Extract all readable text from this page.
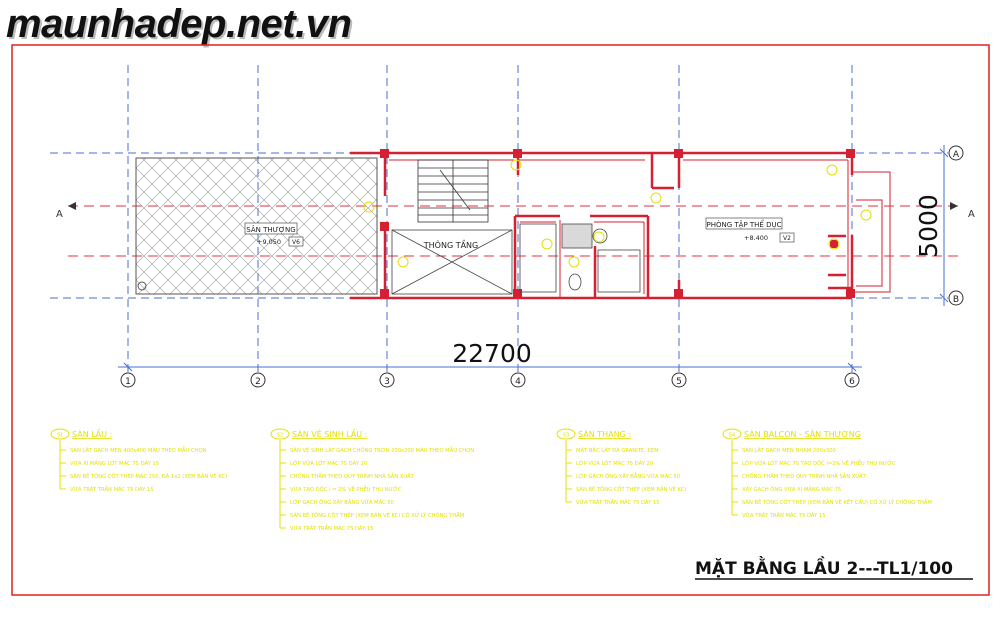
maunhadep.net.vn
SÂN THƯỢNG
+9.050 V6	THÔNG TẦNG
PHÒNG TẬP THỂ DỤC
+8.400 V2
A	A
22700
5000
1	2	3	4	5	6
A
B
S1 SÀN LẦU :
SÀN LÁT GẠCH MEN 400x400 MÀU THEO MẪU CHỌN
VỮA XI MĂNG LÓT MÁC 75 DÀY 15
SÀN BÊ TÔNG CỐT THÉP MÁC 250, ĐÁ 1x2 (XEM BẢN VẼ KC)
VỮA TRÁT TRẦN MÁC 75 DÀY 15
S2 SÀN VỆ SINH LẦU :
SÀN VỆ SINH LÁT GẠCH CHỐNG TRƠN 200x200 MÀU THEO MẪU CHỌN
LỚP VỮA LÓT MÁC 75 DÀY 20
CHỐNG THẤM THEO QUY TRÌNH NHÀ SẢN XUẤT
VỮA TẠO DỐC i = 2% VỀ PHỄU THU NƯỚC
LỚP GẠCH ỐNG XÂY BẰNG VỮA MÁC 50
SÀN BÊ TÔNG CỐT THÉP (XEM BẢN VẼ KC) CÓ XỬ LÝ CHỐNG THẤM
VỮA TRÁT TRẦN MÁC 75 DÀY 15
S3 SÀN THANG :
MẶT BẬC LÁT ĐÁ GRANITE, KEM
LỚP VỮA LÓT MÁC 75 DÀY 20
LỚP GẠCH ỐNG XÂY BẰNG VỮA MÁC 50
SÀN BÊ TÔNG CỐT THÉP (XEM BẢN VẼ KC)
VỮA TRÁT TRẦN MÁC 75 DÀY 15
S4 SÀN BALCON - SÂN THƯỢNG
SÀN LÁT GẠCH MEN NHÁM 200x300
LỚP VỮA LÓT MÁC 75 TẠO DỐC i=2% VỀ PHỄU THU NƯỚC
CHỐNG THẤM THEO QUY TRÌNH NHÀ SẢN XUẤT
XÂY GẠCH ỐNG VỮA XI MĂNG MÁC 75
SÀN BÊ TÔNG CỐT THÉP (XEM BẢN VẼ KẾT CẤU) CÓ XỬ LÝ CHỐNG THẤM
VỮA TRÁT TRẦN MÁC 75 DÀY 15
MẶT BẰNG LẦU 2---TL1/100
